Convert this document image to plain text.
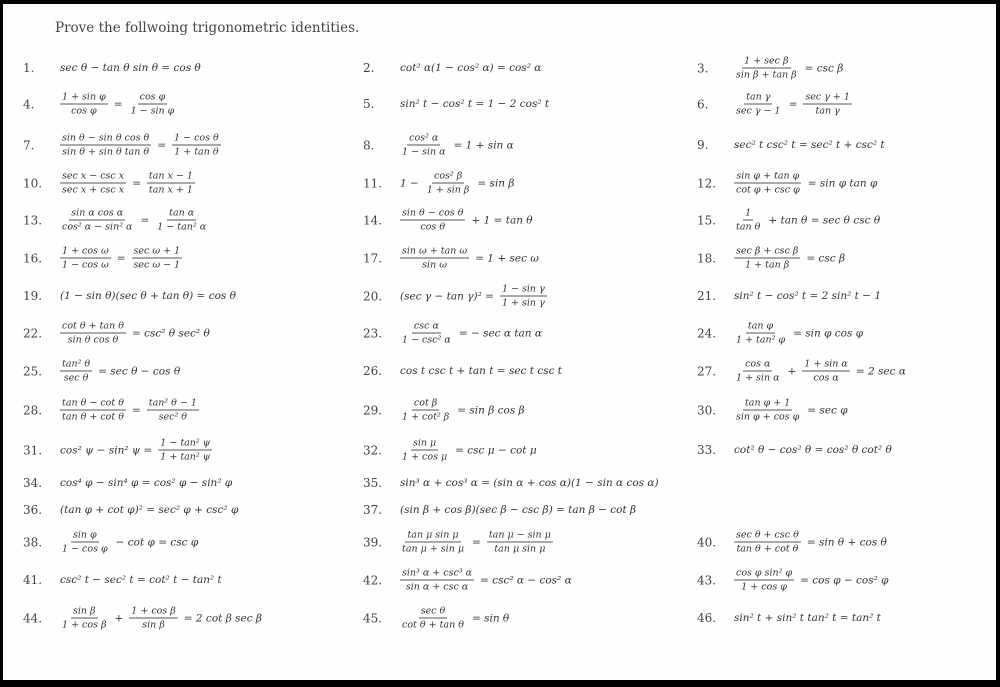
Prove the follwoing trigonometric identities.
1.	sec θ − tan θ sin θ = cos θ	2.	cot² α(1 − cos² α) = cos² α	3.	$\frac{\text{1 + sec β}}{\text{sin β + tan β}} = \csc \beta$
4.	$\frac{\text{1 + sin φ}}{\text{cos φ}} = \frac{\text{cos φ}}{\text{1 − sin φ}}$	5.	sin² t − cos² t = 1 − 2 cos² t	6.	$\frac{\text{tan γ}}{\text{sec γ − 1}} = \frac{\text{sec γ + 1}}{\text{tan γ}}$
7.	$\frac{\text{sin θ − sin θ cos θ}}{\text{sin θ + sin θ tan θ}} = \frac{\text{1 − cos θ}}{\text{1 + tan θ}}$	8.	$\frac{\text{cos² α}}{\text{1 − sin α}} = 1 + \sin \alpha$	9.	sec² t csc² t = sec² t + csc² t
10.	$\frac{\text{sec x − csc x}}{\text{sec x + csc x}} = \frac{\text{tan x − 1}}{\text{tan x + 1}}$	11.	$1 - \frac{\text{cos² β}}{\text{1 + sin β}} = \sin \beta$	12.	$\frac{\text{sin φ + tan φ}}{\text{cot φ + csc φ}} = \sin \varphi$ tan φ
13.	$\frac{\text{sin α cos α}}{\text{cos² α − sin² α}} = \frac{\text{tan α}}{\text{1 − tan² α}}$	14.	$\frac{\text{sin θ − cos θ}}{\text{cos θ}} + 1 = \tan \theta$	15.	$\frac{1}{\text{tan θ}} + \tan \theta = \sec \theta$ csc θ
16.	$\frac{\text{1 + cos ω}}{\text{1 − cos ω}} = \frac{\text{sec ω + 1}}{\text{sec ω − 1}}$	17.	$\frac{\text{sin ω + tan ω}}{\text{sin ω}} = 1 + \sec \omega$	18.	$\frac{\text{sec β + csc β}}{\text{1 + tan β}} = \csc \beta$
19.	(1 − sin θ)(sec θ + tan θ) = cos θ	20.	(sec $\gamma - \tan \gamma)^2 = \frac{\text{1 − sin γ}}{\text{1 + sin γ}}$	21.	sin² t − cos² t = 2 sin² t − 1
22.	$\frac{\text{cot θ + tan θ}}{\text{sin θ cos θ}} = \csc^2$ θ sec² θ	23.	$\frac{\text{csc α}}{\text{1 − csc² α}}$ = − sec α tan α	24.	$\frac{\text{tan φ}}{\text{1 + tan² φ}} = \sin \varphi$ cos φ
25.	$\frac{\text{tan² θ}}{\text{sec θ}} = \sec \theta - \cos \theta$	26.	cos t csc t + tan t = sec t csc t	27.	$\frac{\text{cos α}}{\text{1 + sin α}} + \frac{\text{1 + sin α}}{\text{cos α}} = 2$ sec α
28.	$\frac{\text{tan θ − cot θ}}{\text{tan θ + cot θ}} = \frac{\text{tan² θ − 1}}{\text{sec² θ}}$	29.	$\frac{\text{cot β}}{\text{1 + cot² β}} = \sin \beta$ cos β	30.	$\frac{\text{tan φ + 1}}{\text{sin φ + cos φ}} = \sec \varphi$
31.	cos² ψ − sin² $\psi = \frac{\text{1 − tan² ψ}}{\text{1 + tan² ψ}}$	32.	$\frac{\text{sin μ}}{\text{1 + cos μ}} = \csc \mu - \cot \mu$	33.	cot² θ − cos² θ = cos² θ cot² θ
34.	cos⁴ φ − sin⁴ φ = cos² φ − sin² φ	35.	sin³ α + cos³ α = (sin α + cos α)(1 − sin α cos α)
36.	(tan φ + cot φ)² = sec² φ + csc² φ	37.	(sin β + cos β)(sec β − csc β) = tan β − cot β
38.	$\frac{\text{sin φ}}{\text{1 − cos φ}} - \cot \varphi = \csc \varphi$	39.	$\frac{\text{tan μ sin μ}}{\text{tan μ + sin μ}} = \frac{\text{tan μ − sin μ}}{\text{tan μ sin μ}}$	40.	$\frac{\text{sec θ + csc θ}}{\text{tan θ + cot θ}} = \sin \theta + \cos \theta$
41.	csc² t − sec² t = cot² t − tan² t	42.	$\frac{\text{sin³ α + csc³ α}}{\text{sin α + csc α}} = \csc^2$ α − cos² α	43.	$\frac{\text{cos φ sin² φ}}{\text{1 + cos φ}} = \cos \varphi - \cos^2$ φ
44.	$\frac{\text{sin β}}{\text{1 + cos β}} + \frac{\text{1 + cos β}}{\text{sin β}} = 2$ cot β sec β	45.	$\frac{\text{sec θ}}{\text{cot θ + tan θ}} = \sin \theta$	46.	sin² t + sin² t tan² t = tan² t
